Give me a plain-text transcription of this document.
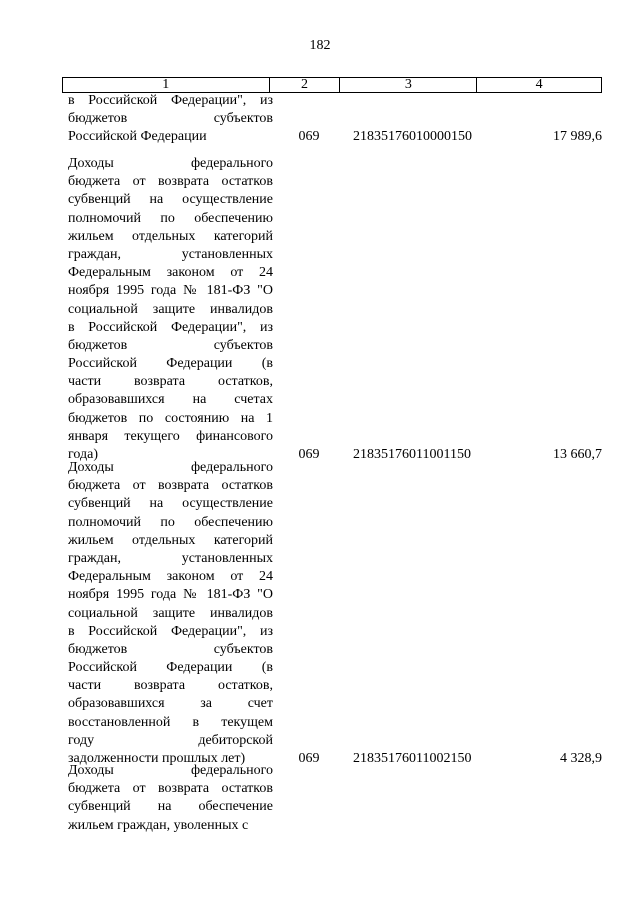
182
1	2	3	4
в Российской Федерации", из
бюджетов субъектов
Российской Федерации	069 21835176010000150	17 989,6
Доходы федерального
бюджета от возврата остатков
субвенций на осуществление
полномочий по обеспечению
жильем отдельных категорий
граждан, установленных
Федеральным законом от 24
ноября 1995 года № 181-ФЗ "О
социальной защите инвалидов
в Российской Федерации", из
бюджетов субъектов
Российской Федерации (в
части возврата остатков,
образовавшихся на счетах
бюджетов по состоянию на 1
января текущего финансового
года)	069 21835176011001150	13 660,7
Доходы федерального
бюджета от возврата остатков
субвенций на осуществление
полномочий по обеспечению
жильем отдельных категорий
граждан, установленных
Федеральным законом от 24
ноября 1995 года № 181-ФЗ "О
социальной защите инвалидов
в Российской Федерации", из
бюджетов субъектов
Российской Федерации (в
части возврата остатков,
образовавшихся за счет
восстановленной в текущем
году дебиторской
задолженности прошлых лет)	069 21835176011002150	4 328,9
Доходы федерального
бюджета от возврата остатков
субвенций на обеспечение
жильем граждан, уволенных с
